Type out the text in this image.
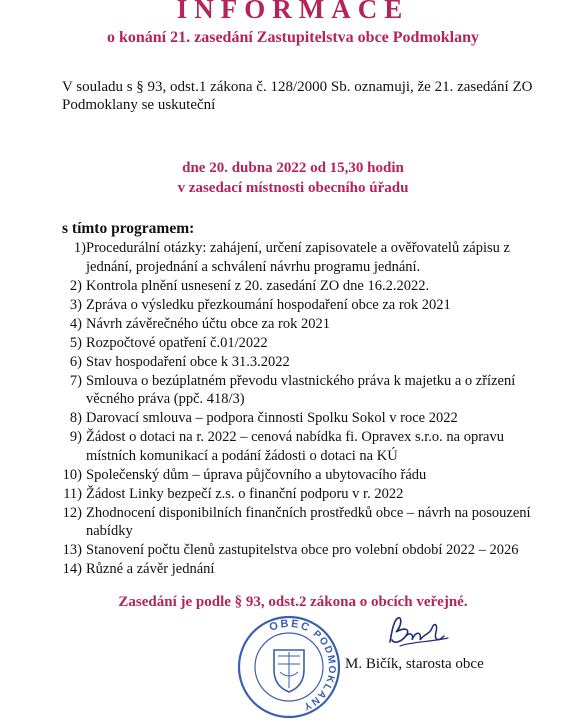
INFORMACE
o konání 21. zasedání Zastupitelstva obce Podmoklany
V souladu s § 93, odst.1 zákona č. 128/2000 Sb. oznamuji, že 21. zasedání ZO Podmoklany se uskuteční
dne 20. dubna 2022 od 15,30 hodin
v zasedací místnosti obecního úřadu
s tímto programem:
1) Procedurální otázky: zahájení, určení zapisovatele a ověřovatelů zápisu z jednání, projednání a schválení návrhu programu jednání.
2) Kontrola plnění usnesení z 20. zasedání ZO dne 16.2.2022.
3) Zpráva o výsledku přezkoumání hospodaření obce za rok 2021
4) Návrh závěrečného účtu obce za rok 2021
5) Rozpočtové opatření č.01/2022
6) Stav hospodaření obce k 31.3.2022
7) Smlouva o bezúplatném převodu vlastnického práva k majetku a o zřízení věcného práva (ppč. 418/3)
8) Darovací smlouva – podpora činnosti Spolku Sokol v roce 2022
9) Žádost o dotaci na r. 2022 – cenová nabídka fi. Opravex s.r.o. na opravu místních komunikací a podání žádosti o dotaci na KÚ
10) Společenský dům – úprava půjčovního a ubytovacího řádu
11) Žádost Linky bezpečí z.s. o finanční podporu v r. 2022
12) Zhodnocení disponibilních finančních prostředků obce – návrh na posouzení nabídky
13) Stanovení počtu členů zastupitelstva obce pro volební období 2022 – 2026
14) Různé a závěr jednání
Zasedání je podle § 93, odst.2 zákona o obcích veřejné.
OBEC
PODMOKLANY
M. Bičík, starosta obce
